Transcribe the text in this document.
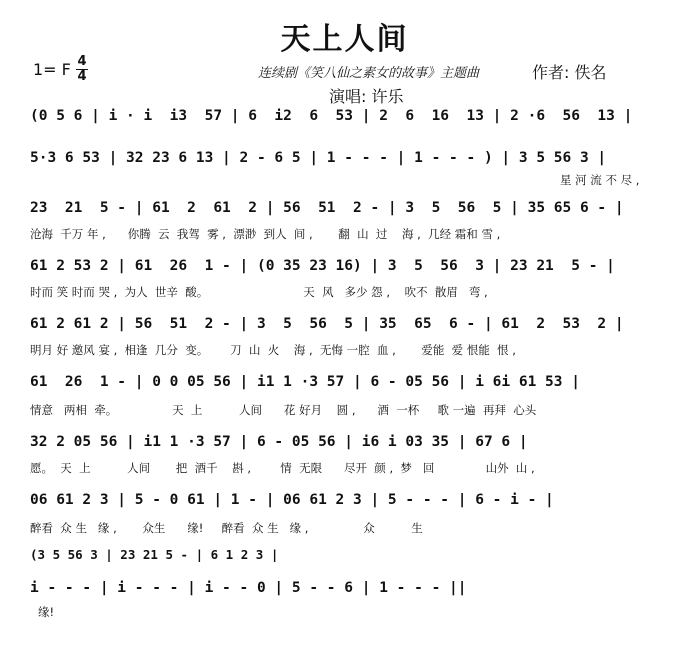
天上人间
1= F 4
4	连续剧《笑八仙之素女的故事》主题曲	作者: 佚名
演唱: 许乐
(0 5 6 | i · i  i3  57 | 6  i2  6  53 | 2  6  16  13 | 2 ·6  56  13 |
5·3 6 53 | 32 23 6 13 | 2 - 6 5 | 1 - - - | 1 - - - ) | 3 5 56 3 |
星 河 流 不 尽 ,
23  21  5 - | 61  2  61  2 | 56  51  2 - | 3  5  56  5 | 35 65 6 - |
沧海  千万 年 ,      你腾  云  我驾  雾 ,  漂渺  到人  间 ,       翻  山  过    海 ,  几经 霜和 雪 ,
61 2 53 2 | 61  26  1 - | (0 35 23 16) | 3  5  56  3 | 23 21  5 - |
时而 笑 时而 哭 ,  为人  世辛  酸。                          天  风   多少 怨 ,    吹不  散眉   弯 ,
61 2 61 2 | 56  51  2 - | 3  5  56  5 | 35  65  6 - | 61  2  53  2 |
明月 好 邀风 宴 ,  相逢  几分  变。      刀  山  火    海 ,  无悔 一腔  血 ,       爱能  爱 恨能  恨 ,
61  26  1 - | 0 0 05 56 | i1 1 ·3 57 | 6 - 05 56 | i 6i 61 53 |
情意   两相  牵。               天  上          人间      花 好月    圆 ,      酒  一杯     歌 一遍  再拜  心头
32 2 05 56 | i1 1 ·3 57 | 6 - 05 56 | i6 i 03 35 | 67 6 |
愿。  天  上          人间       把  酒千    斟 ,        情  无限      尽开  颜 ,  梦   回              山外  山 ,
06 61 2 3 | 5 - 0 61 | 1 - | 06 61 2 3 | 5 - - - | 6 - i - |
醉看  众 生   缘 ,       众生      缘!     醉看  众 生   缘 ,               众          生
(3 5 56 3 | 23 21 5 - | 6 1 2 3 |
i - - - | i - - - | i - - 0 | 5 - - 6 | 1 - - - ||
缘!
